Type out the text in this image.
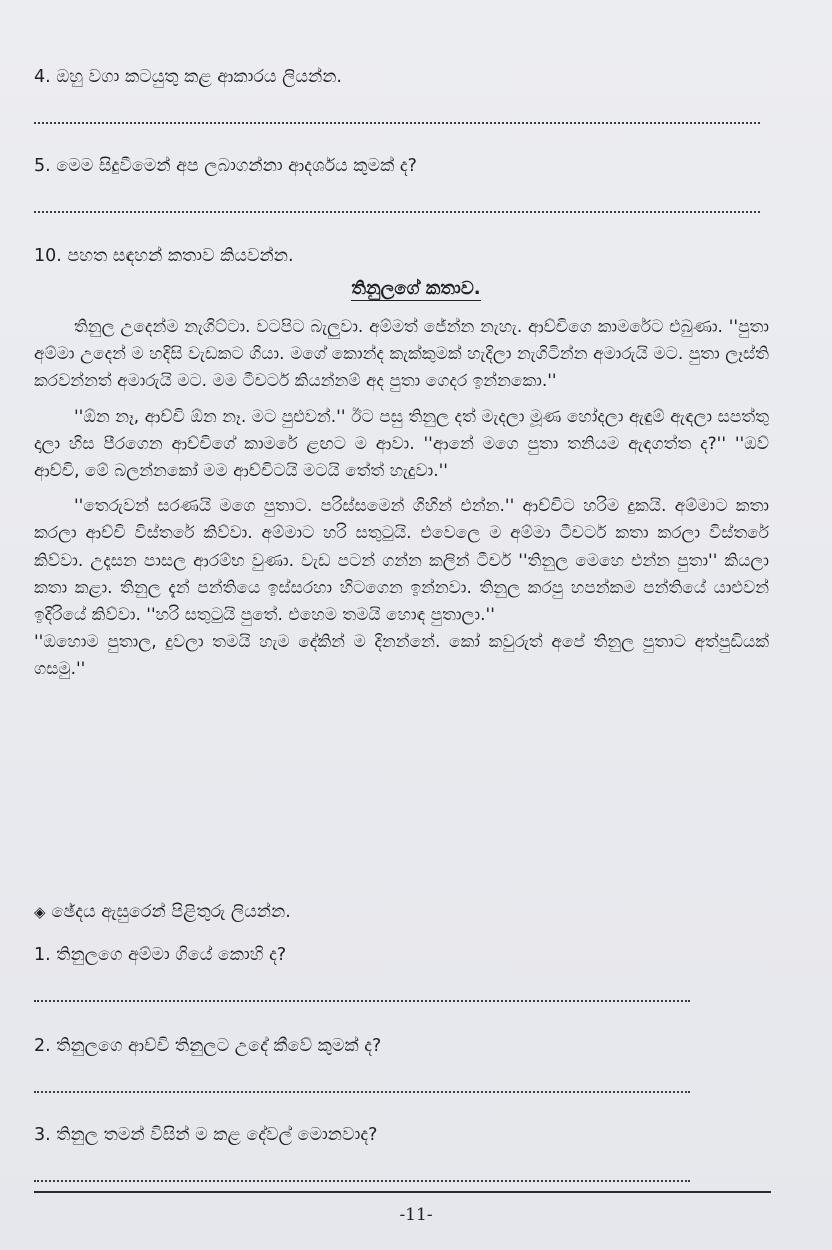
4. ඔහු වගා කටයුතු කළ ආකාරය ලියන්න.
5. මෙම සිදුවීමෙන් අප ලබාගන්නා ආදර්ශය කුමක් ද?
10. පහත සඳහන් කතාව කියවන්න.
තිනුලගේ කතාව.

තිනුල උදෙන්ම නැගිට්ටා. වටපිට බැලුවා. අම්මත් ජේන්න නැහැ. ආච්චිගෙ කාමරේට එබුණා. ''පුතා අම්මා උදෙන් ම හදිසි වැඩකට ගියා. මගේ කොන්ද කැක්කුමක් හැදිලා නැගිටින්න අමාරුයි මට. පුතා ලෑස්ති කරවන්නත් අමාරුයි මට. මම ටීචර්ට කියන්නම් අද පුතා ගෙදර ඉන්නකො.''

''ඕන නෑ, ආච්චි ඕන නෑ. මට පුළුවන්.'' ඊට පසු තිනුල දත් මැදලා මූණ හෝදලා ඇඳුම් ඇඳලා සපත්තු දාලා හිස පීරගෙන ආච්චිගේ කාමරේ ළඟට ම ආවා. ''ආනේ මගෙ පුතා තනියම ඇඳගත්ත ද?'' ''ඔව් ආච්චි, මේ බලන්නකෝ මම ආච්චිටයි මටයි තේත් හැදුවා.''

''තෙරුවන් සරණයි මගෙ පුතාට. පරිස්සමෙන් ගිහින් එන්න.'' ආච්චිට හරිම දුකයි. අම්මාට කතා කරලා ආච්චි විස්තරේ කිව්වා. අම්මාට හරි සතුටුයි. එවෙලෙ ම අම්මා ටීචර්ට කතා කරලා විස්තරේ කිව්වා. උදෑසන පාසල ආරම්භ වුණා. වැඩ පටන් ගන්න කලින් ටීචර් ''තිනුල මෙහෙ එන්න පුතා'' කියලා කතා කළා. තිනුල දැන් පන්තියෙ ඉස්සරහා හිටගෙන ඉන්නවා. තිනුල කරපු හපන්කම පන්තියේ යාළුවන් ඉදිරියේ කිව්වා. ''හරි සතුටුයි පුතේ. එහෙම තමයි හොඳ පුතාලා.''

''ඔහොම පුතාල, දුවලා තමයි හැම දේකින් ම දිනන්නේ. කෝ කවුරුත් අපේ තිනුල පුතාට අත්පුඩියක් ගසමු.''

◈ ඡේදය ඇසුරෙන් පිළිතුරු ලියන්න.
1. තිනුලගෙ අම්මා ගියේ කොහි ද?
2. තිනුලගෙ ආච්චි තිනුලට උදේ කීවේ කුමක් ද?
3. තිනුල තමන් විසින් ම කළ දේවල් මොනවාද?
-11-
